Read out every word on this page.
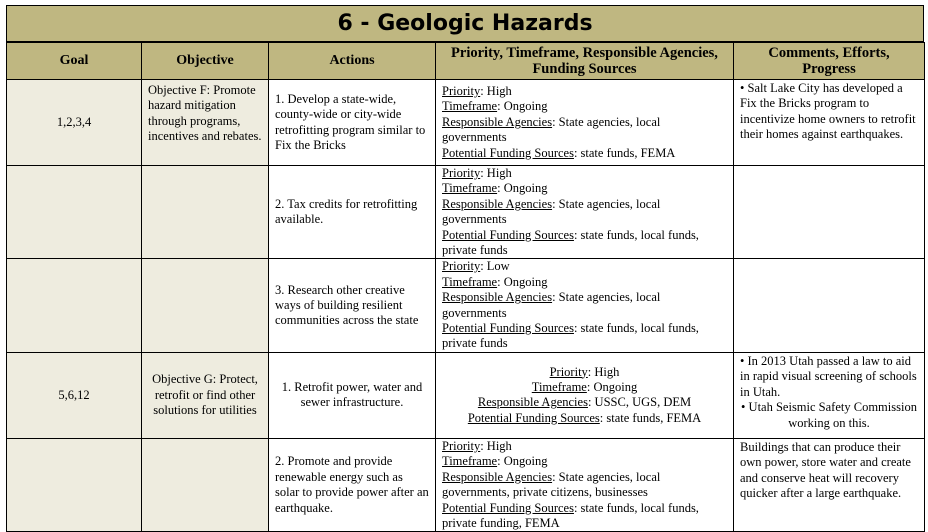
6 - Geologic Hazards
Goal	Objective	Actions	Priority, Timeframe, Responsible Agencies, Funding Sources	Comments, Efforts, Progress
1,2,3,4	Objective F: Promote hazard mitigation through programs, incentives and rebates.	1. Develop a state-wide, county-wide or city-wide retrofitting program similar to Fix the Bricks	Priority: High
Timeframe: Ongoing
Responsible Agencies: State agencies, local governments
Potential Funding Sources: state funds, FEMA	• Salt Lake City has developed a Fix the Bricks program to incentivize home owners to retrofit their homes against earthquakes.
		2. Tax credits for retrofitting available.	Priority: High
Timeframe: Ongoing
Responsible Agencies: State agencies, local governments
Potential Funding Sources: state funds, local funds, private funds	

		3. Research other creative ways of building resilient communities across the state	Priority: Low
Timeframe: Ongoing
Responsible Agencies: State agencies, local governments
Potential Funding Sources: state funds, local funds, private funds	

5,6,12	Objective G: Protect, retrofit or find other solutions for utilities	1. Retrofit power, water and sewer infrastructure.	Priority: High
Timeframe: Ongoing
Responsible Agencies: USSC, UGS, DEM
Potential Funding Sources: state funds, FEMA	• In 2013 Utah passed a law to aid in rapid visual screening of schools in Utah.
• Utah Seismic Safety Commission working on this.

		2. Promote and provide renewable energy such as solar to provide power after an earthquake.	Priority: High
Timeframe: Ongoing
Responsible Agencies: State agencies, local governments, private citizens, businesses
Potential Funding Sources: state funds, local funds, private funding, FEMA	Buildings that can produce their own power, store water and create and conserve heat will recovery quicker after a large earthquake.
